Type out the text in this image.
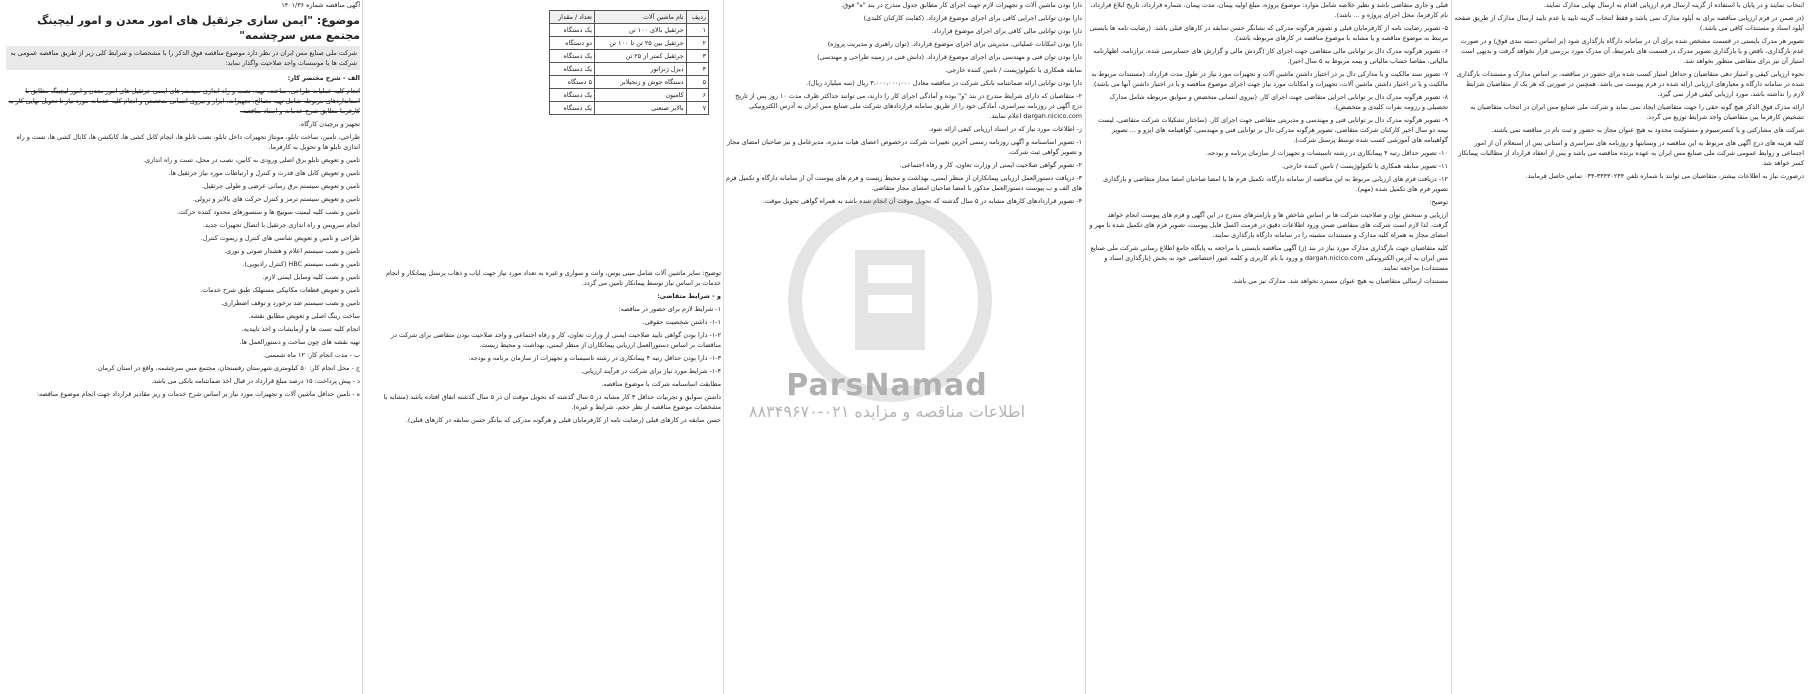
آگهی مناقصه شماره ۱۴۰۱/۳۶

موضوع: "ایمن سازی جرثقیل های امور معدن و امور لیچینگ مجتمع مس سرچشمه"

شرکت ملی صنایع مس ایران در نظر دارد موضوع مناقصه فوق الذکر را با مشخصات و شرایط کلی زیر از طریق مناقصه عمومی به شرکت ها یا موسسات واجد صلاحیت واگذار نماید:

الف - شرح مختصر کار:

انجام کلیه عملیات طراحی، ساخت، تهیه، نصب و راه اندازی سیستم های ایمنی جرثقیل های امور معدن و امور لیچینگ مطابق با استانداردهای مربوطه شامل تهیه مصالح، تجهیزات، ابزار و نیروی انسانی متخصص و انجام کلیه خدمات مورد نیاز تا تحویل نهایی کار به کارفرما مطابق شرح خدمات و اسناد مناقصه.

تجهیز و برچیدن کارگاه.

طراحی، تامین، ساخت تابلو، مونتاژ تجهیزات داخل تابلو، نصب تابلو ها، انجام کابل کشی ها، کانکشن ها، کانال کشی ها، تست و راه اندازی تابلو ها و تحویل به کارفرما.

تامین و تعویض تابلو برق اصلی ورودی به کابین، نصب در محل، تست و راه اندازی.

تامین و تعویض کابل های قدرت و کنترل و ارتباطات مورد نیاز جرثقیل ها.

تامین و تعویض سیستم برق رسانی عرضی و طولی جرثقیل.

تامین و تعویض سیستم ترمز و کنترل حرکت های بالابر و ترولی.

تامین و نصب کلیه لیمیت سوییچ ها و سنسورهای محدود کننده حرکت.

انجام سرویس و راه اندازی جرثقیل با اتصال تجهیزات جدید.

طراحی و تامین و تعویض شاسی های کنترل و ریموت کنترل.

تامین و نصب سیستم اعلام و هشدار صوتی و نوری.

تامین و نصب سیستم HBC (کنترل رادیویی).

تامین و نصب کلیه وسایل ایمنی لازم.

تامین و تعویض قطعات مکانیکی مستهلک طبق شرح خدمات.

تامین و نصب سیستم ضد برخورد و توقف اضطراری.

ساخت رینگ اصلی و تعویض مطابق نقشه.

انجام کلیه تست ها و آزمایشات و اخذ تاییدیه.

تهیه نقشه های چون ساخت و دستورالعمل ها.

ب - مدت انجام کار: ۱۲ ماه شمسی.

ج - محل انجام کار: ۵۰ کیلومتری شهرستان رفسنجان، مجتمع مس سرچشمه، واقع در استان کرمان.

د - پیش پرداخت: ۱۵ درصد مبلغ قرارداد در قبال اخذ ضمانتنامه بانکی می باشد.

ه - تامین حداقل ماشین آلات و تجهیزات مورد نیاز بر اساس شرح خدمات و ریز مقادیر قرارداد جهت انجام موضوع مناقصه:

ردیف	نام ماشین آلات	تعداد / مقدار
۱	جرثقیل بالای ۱۰۰ تن	یک دستگاه
۲	جرثقیل بین ۲۵ تن تا ۱۰۰ تن	دو دستگاه
۳	جرثقیل کمتر از ۲۵ تن	یک دستگاه
۴	دیزل ژنراتور	یک دستگاه
۵	دستگاه جوش و زنجیلابر	۵ دستگاه
۶	کامیون	یک دستگاه
۷	بالابر صنعتی	یک دستگاه

توضیح: سایر ماشین آلات شامل مینی بوس، وانت و سواری و غیره به تعداد مورد نیاز جهت ایاب و ذهاب پرسنل پیمانکار و انجام خدمات بر اساس نیاز توسط پیمانکار تامین می گردد.

و - شرایط متقاضی:

۱- شرایط لازم برای حضور در مناقصه:

۱-۱- داشتن شخصیت حقوقی.

۱-۲- دارا بودن گواهی تایید صلاحیت ایمنی از وزارت تعاون، کار و رفاه اجتماعی و واجد صلاحیت بودن متقاضی برای شرکت در مناقصات بر اساس دستورالعمل ارزیابی پیمانکاران از منظر ایمنی، بهداشت و محیط زیست.

۱-۳- دارا بودن حداقل رتبه ۴ پیمانکاری در رشته تاسیسات و تجهیزات از سازمان برنامه و بودجه.

۱-۴- شرایط مورد نیاز برای شرکت در فرآیند ارزیابی.

مطابقت اساسنامه شرکت با موضوع مناقصه.

داشتن سوابق و تجربیات حداقل ۳ کار مشابه در ۵ سال گذشته که تحویل موقت آن در ۵ سال گذشته اتفاق افتاده باشد (مشابه با مشخصات موضوع مناقصه از نظر حجم، شرایط و غیره).

حسن سابقه در کارهای قبلی (رضایت نامه از کارفرمایان قبلی و هرگونه مدرکی که بیانگر حسن سابقه در کارهای قبلی).

دارا بودن ماشین آلات و تجهیزات لازم جهت اجرای کار مطابق جدول مندرج در بند "ه" فوق.

دارا بودن توانایی اجرایی کافی برای اجرای موضوع قرارداد. (کفایت کارکنان کلیدی)

دارا بودن توانایی مالی کافی برای اجرای موضوع قرارداد.

دارا بودن امکانات عملیاتی، مدیریتی برای اجرای موضوع قرارداد. (توان راهبری و مدیریت پروژه)

دارا بودن توان فنی و مهندسی برای اجرای موضوع قرارداد. (دانش فنی در زمینه طراحی و مهندسی)

سابقه همکاری با تکنولوژیست / تامین کننده خارجی.

دارا بودن توانایی ارائه ضمانتنامه بانکی شرکت در مناقصه معادل ۳،۰۰۰،۰۰۰،۰۰۰ ریال (سه میلیارد ریال).

۲- متقاضیان که دارای شرایط مندرج در بند "و" بوده و آمادگی اجرای کار را دارند، می توانند حداکثر ظرف مدت ۱۰ روز پس از تاریخ درج آگهی در روزنامه سراسری، آمادگی خود را از طریق سامانه قراردادهای شرکت ملی صنایع مس ایران به آدرس الکترونیکی dargah.nicico.com اعلام نمایند.

ز- اطلاعات مورد نیاز که در اسناد ارزیابی کیفی ارائه شود.

۱- تصویر اساسنامه و آگهی روزنامه رسمی آخرین تغییرات شرکت درخصوص اعضای هیات مدیره، مدیرعامل و نیز صاحبان امضای مجاز و تصویر گواهی ثبت شرکت.

۲- تصویر گواهی صلاحیت ایمنی از وزارت تعاون، کار و رفاه اجتماعی.

۳- دریافت دستورالعمل ارزیابی پیمانکاران از منظر ایمنی، بهداشت و محیط زیست و فرم های پیوست آن از سامانه دارگاه و تکمیل فرم های الف و ب پیوست دستورالعمل مذکور با امضا صاحبان امضای مجاز متقاضی.

۴- تصویر قراردادهای کارهای مشابه در ۵ سال گذشته که تحویل موقت آن انجام شده باشد به همراه گواهی تحویل موقت.

قبلی و جاری متقاضی باشد و نظیر خلاصه شامل موارد: موضوع پروژه، مبلغ اولیه پیمان، مدت پیمان، شماره قرارداد، تاریخ ابلاغ قرارداد، نام کارفرما، محل اجرای پروژه و ... باشد).

۵- تصویر رضایت نامه از کارفرمایان قبلی و تصویر هرگونه مدرکی که نشانگر حسن سابقه در کارهای قبلی باشد. (رضایت نامه ها بایستی مرتبط به موضوع مناقصه و یا مشابه با موضوع مناقصه در کارهای مربوطه باشد).

۶- تصویر هرگونه مدرک دال بر توانایی مالی متقاضی جهت اجرای کار (گردش مالی و گزارش های حسابرسی شده، ترازنامه، اظهارنامه مالیاتی، مفاصا حساب مالیاتی و بیمه مربوط به ۵ سال اخیر).

۷- تصویر سند مالکیت و یا مدارکی دال بر در اختیار داشتن ماشین آلات و تجهیزات مورد نیاز در طول مدت قرارداد. (مستندات مربوط به مالکیت و یا در اختیار داشتن ماشین آلات، تجهیزات و امکانات مورد نیاز جهت اجرای موضوع مناقصه و یا در اختیار داشتن آنها می باشد).

۸- تصویر هرگونه مدرک دال بر توانایی اجرایی متقاضی جهت اجرای کار. (نیروی انسانی متخصص و سوابق مربوطه شامل مدارک تحصیلی و رزومه نفرات کلیدی و متخصص).

۹- تصویر هرگونه مدرک دال بر توانایی فنی و مهندسی و مدیریتی متقاضی جهت اجرای کار. (ساختار تشکیلات شرکت متقاضی، لیست بیمه دو سال اخیر کارکنان شرکت متقاضی، تصویر هرگونه مدرکی دال بر توانایی فنی و مهندسی، گواهینامه های ایزو و ... تصویر گواهینامه های آموزشی کسب شده توسط پرسنل شرکت).

۱۰- تصویر حداقل رتبه ۴ پیمانکاری در رشته تاسیسات و تجهیزات از سازمان برنامه و بودجه.

۱۱- تصویر سابقه همکاری با تکنولوژیست / تامین کننده خارجی.

۱۲- دریافت فرم های ارزیابی مربوط به این مناقصه از سامانه دارگاه، تکمیل فرم ها با امضا صاحبان امضا مجاز متقاضی و بارگذاری تصویر فرم های تکمیل شده (مهم).

توضیح:

ارزیابی و سنجش توان و صلاحیت شرکت ها بر اساس شاخص ها و پارامترهای مندرج در این آگهی و فرم های پیوست انجام خواهد گرفت. لذا لازم است شرکت های متقاضی ضمن ورود اطلاعات دقیق در فرمت اکسل فایل پیوست، تصویر فرم های تکمیل شده با مهر و امضای مجاز به همراه کلیه مدارک و مستندات مشبته را در سامانه دارگاه بارگذاری نمایند.

کلیه متقاضیان جهت بارگذاری مدارک مورد نیاز در بند (ز) آگهی مناقصه بایستی با مراجعه به پایگاه جامع اطلاع رسانی شرکت ملی صنایع مس ایران به آدرس الکترونیکی dargah.nicico.com و ورود با نام کاربری و کلمه عبور اختصاصی خود به بخش (بارگذاری اسناد و مستندات) مراجعه نمایند.

مستندات ارسالی متقاضیان به هیچ عنوان مسترد نخواهد شد. مدارک نیز می باشد.

انتخاب نمایند و در پایان با استفاده از گزینه ارسال فرم ارزیابی اقدام به ارسال نهایی مدارک نمایند.

(در ضمن در فرم ارزیابی مناقصه برای به آپلود مدارک نمی باشد و فقط انتخاب گزینه تایید یا عدم تایید ارسال مدارک از طریق صفحه آپلود اسناد و مستندات کافی می باشد.)

تصویر هر مدرک بایستی در قسمت مشخص شده برای آن در سامانه دارگاه بارگذاری شود (بر اساس دسته بندی فوق) و در صورت عدم بارگذاری، ناقص و یا بارگذاری تصویر مدرک در قسمت های نامرتبط، آن مدرک مورد بررسی قرار نخواهد گرفت و بدیهی است امتیاز آن نیز برای متقاضی منظور نخواهد شد.

نحوه ارزیابی کیفی و امتیاز دهی متقاضیان و حداقل امتیاز کسب شده برای حضور در مناقصه، بر اساس مدارک و مستندات بارگذاری شده در سامانه دارگاه و معیارهای ارزیابی ارائه شده در فرم پیوست می باشد. همچنین در صورتی که هر یک از متقاضیان شرایط لازم را نداشته باشد، مورد ارزیابی کیفی قرار نمی گیرد.

ارائه مدرک فوق الذکر هیچ گونه حقی را جهت متقاضیان ایجاد نمی نماید و شرکت ملی صنایع مس ایران در انتخاب متقاضیان به تشخیص کارفرما بین متقاضیان واجد شرایط توزیع می گردد.

شرکت های مشارکتی و یا کنسرسیوم و مسئولیت محدود به هیچ عنوان مجاز به حضور و ثبت نام در مناقصه نمی باشند.

کلیه هزینه های درج آگهی های مربوط به این مناقصه در وبسایتها و روزنامه های سراسری و استانی پس از استعلام آن از امور اجتماعی و روابط عمومی شرکت ملی صنایع مس ایران به عهده برنده مناقصه می باشد و پس از انعقاد قرارداد از مطالبات پیمانکار کسر خواهد شد.

درصورت نیاز به اطلاعات بیشتر، متقاضیان می توانند با شماره تلفن ۳۴۴۳۰۲۴۴-۰۳۴ تماس حاصل فرمایند.

ParsNamad
اطلاعات مناقصه و مزایده ۰۲۱-۸۸۳۴۹۶۷۰
